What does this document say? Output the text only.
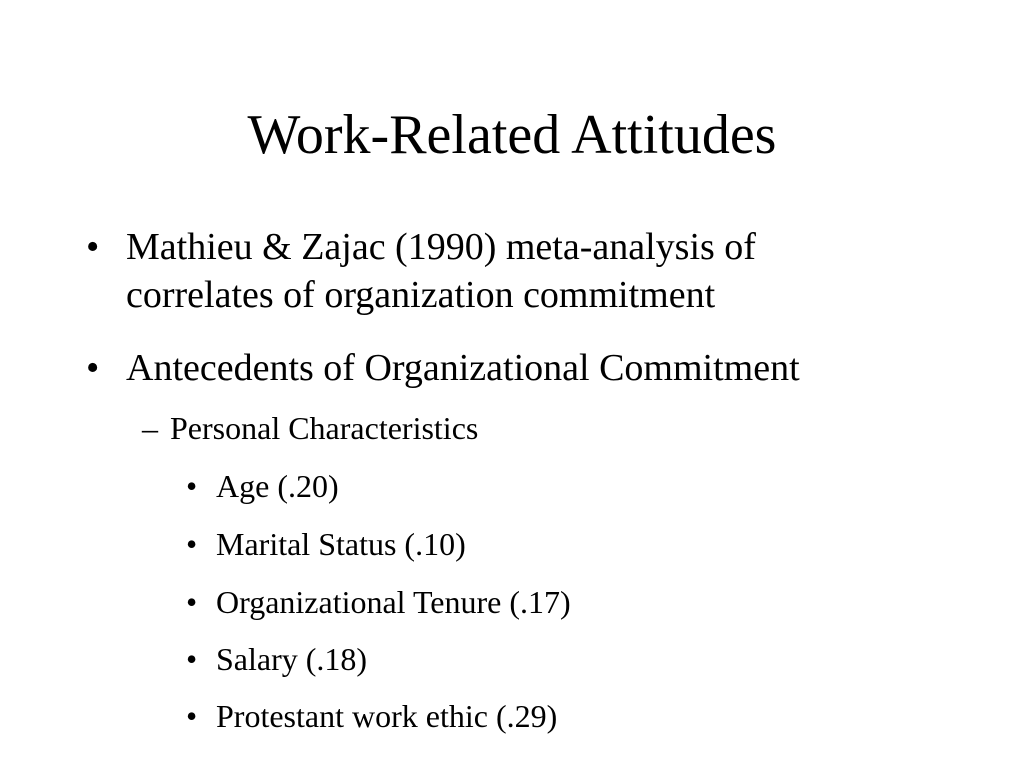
Work-Related Attitudes
• Mathieu & Zajac (1990) meta-analysis of
correlates of organization commitment
• Antecedents of Organizational Commitment
– Personal Characteristics
• Age (.20)
• Marital Status (.10)
• Organizational Tenure (.17)
• Salary (.18)
• Protestant work ethic (.29)
